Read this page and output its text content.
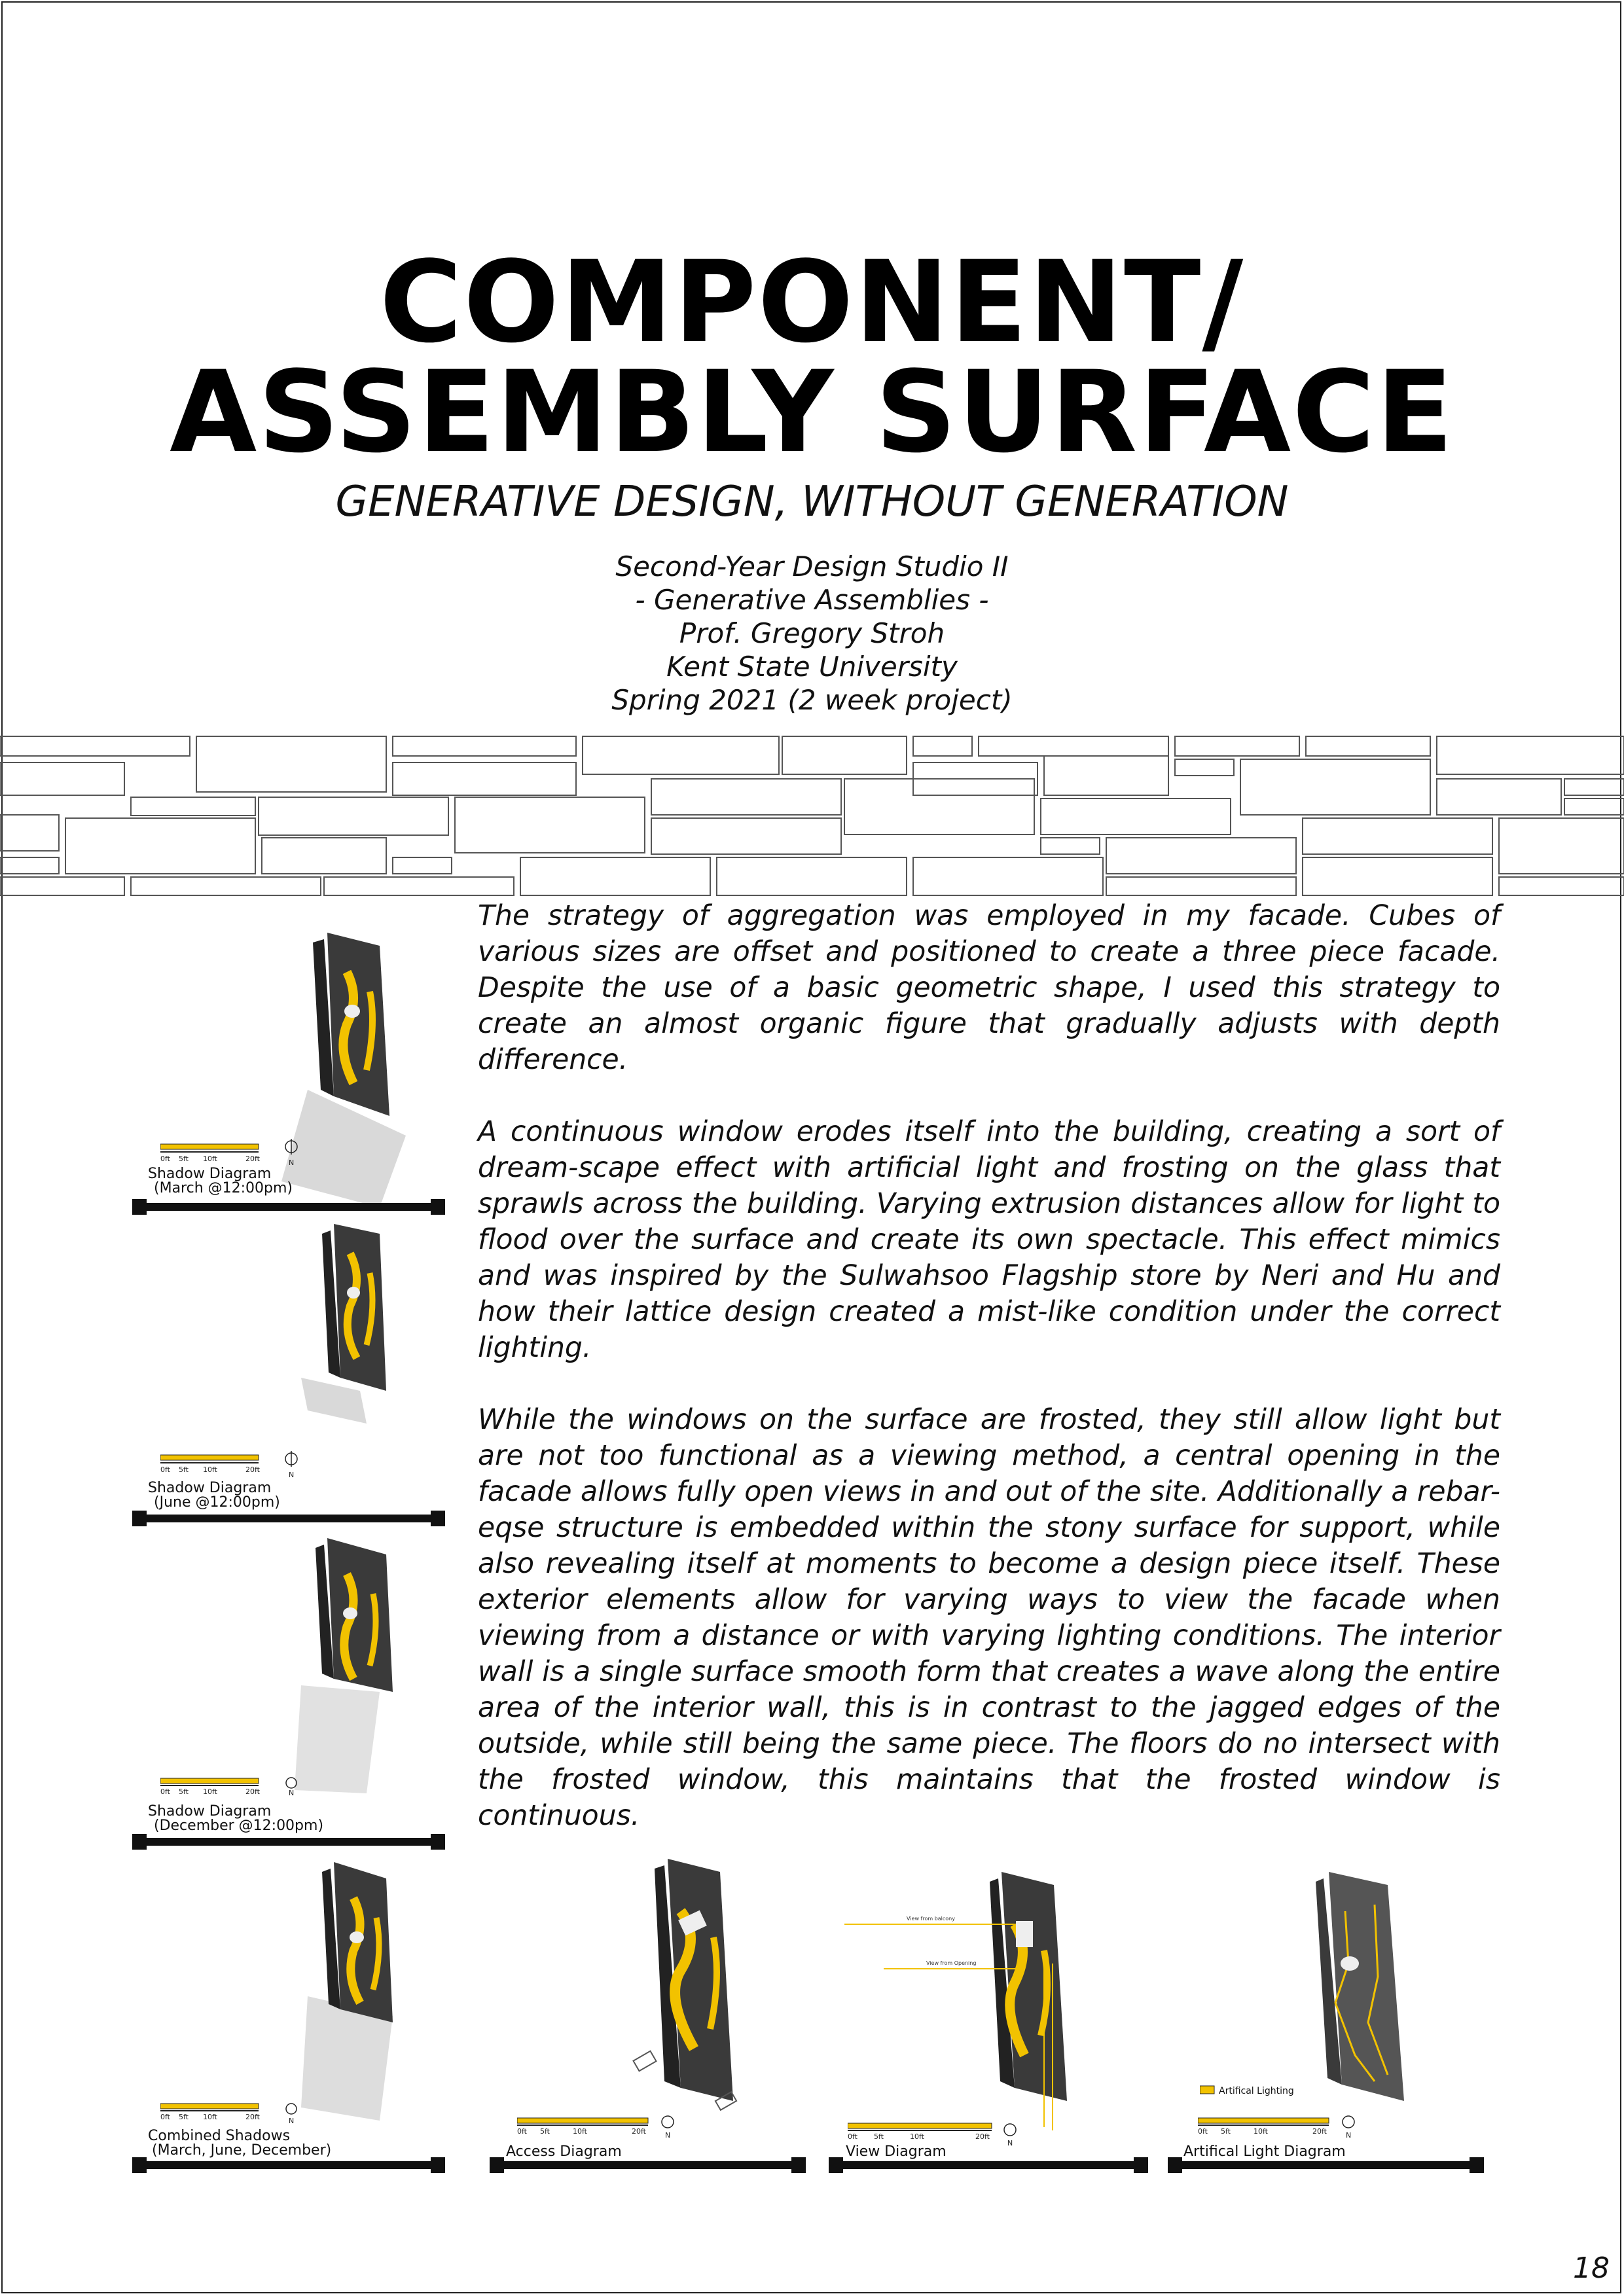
COMPONENT/
ASSEMBLY SURFACE
GENERATIVE DESIGN, WITHOUT GENERATION
Second-Year Design Studio II
- Generative Assemblies -
Prof. Gregory Stroh
Kent State University
Spring 2021 (2 week project)

The strategy of aggregation was employed in my facade. Cubes of various sizes are offset and positioned to create a three piece facade. Despite the use of a basic geometric shape, I used this strategy to create an almost organic figure that gradually adjusts with depth difference.

A continuous window erodes itself into the building, creating a sort of dream-scape effect with artificial light and frosting on the glass that sprawls across the building. Varying extrusion distances allow for light to flood over the surface and create its own spectacle. This effect mimics and was inspired by the Sulwahsoo Flagship store by Neri and Hu and how their lattice design created a mist-like condition under the correct lighting.

While the windows on the surface are frosted, they still allow light but are not too functional as a viewing method, a central opening in the facade allows fully open views in and out of the site. Additionally a rebar-eqse structure is embedded within the stony surface for support, while also revealing itself at moments to become a design piece itself. These exterior elements allow for varying ways to view the facade when viewing from a distance or with varying lighting conditions. The interior wall is a single surface smooth form that creates a wave along the entire area of the interior wall, this is in contrast to the jagged edges of the outside, while still being the same piece. The floors do no intersect with the frosted window, this maintains that the frosted window is continuous.

0ft 5ft 10ft	20ft	N
Shadow Diagram
(March @12:00pm)
0ft 5ft 10ft	20ft
N
Shadow Diagram
(June @12:00pm)
0ft 5ft 10ft	20ft	N
Shadow Diagram
(December @12:00pm)
0ft 5ft 10ft	20ft	N
Combined Shadows
(March, June, December)
0ft 5ft	10ft	20ft	N
Access Diagram
View from balcony
View from Opening
0ft 5ft	10ft	20ft
N
View Diagram
Artifical Lighting
0ft 5ft	10ft	20ft	N
Artifical Light Diagram
18
